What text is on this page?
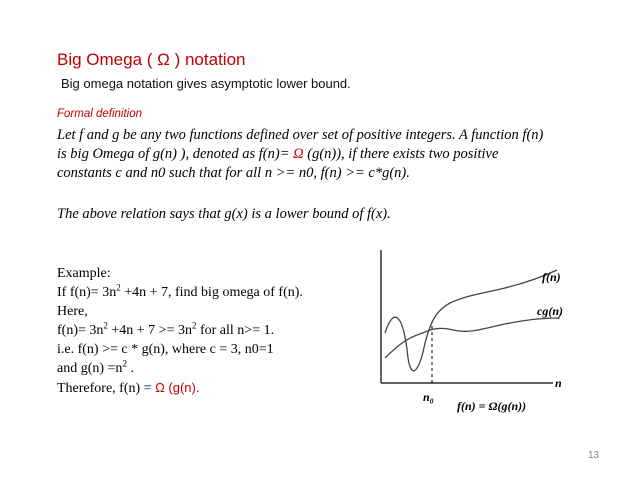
Big Omega ( Ω ) notation
Big omega notation gives asymptotic lower bound.
Formal definition

Let f and g be any two functions defined over set of positive integers. A function f(n)

is big Omega of g(n) ), denoted as f(n)= Ω (g(n)), if there exists two positive

constants c and n0 such that for all n >= n0, f(n) >= c*g(n).

The above relation says that g(x) is a lower bound of f(x).
Example:
If $f(n)= 3n^2 +4n + 7$, find big omega of f(n).
Here,
$f(n)= 3n^2 +4n + 7 >= 3n^2$ for all n>= 1.
i.e. f(n) >= c * g(n), where c = 3, n0=1
and $g(n) =n^2$ .
Therefore, f(n) = Ω (g(n).
f(n)
cg(n)
n
n₀
f(n) = Ω(g(n))
13
